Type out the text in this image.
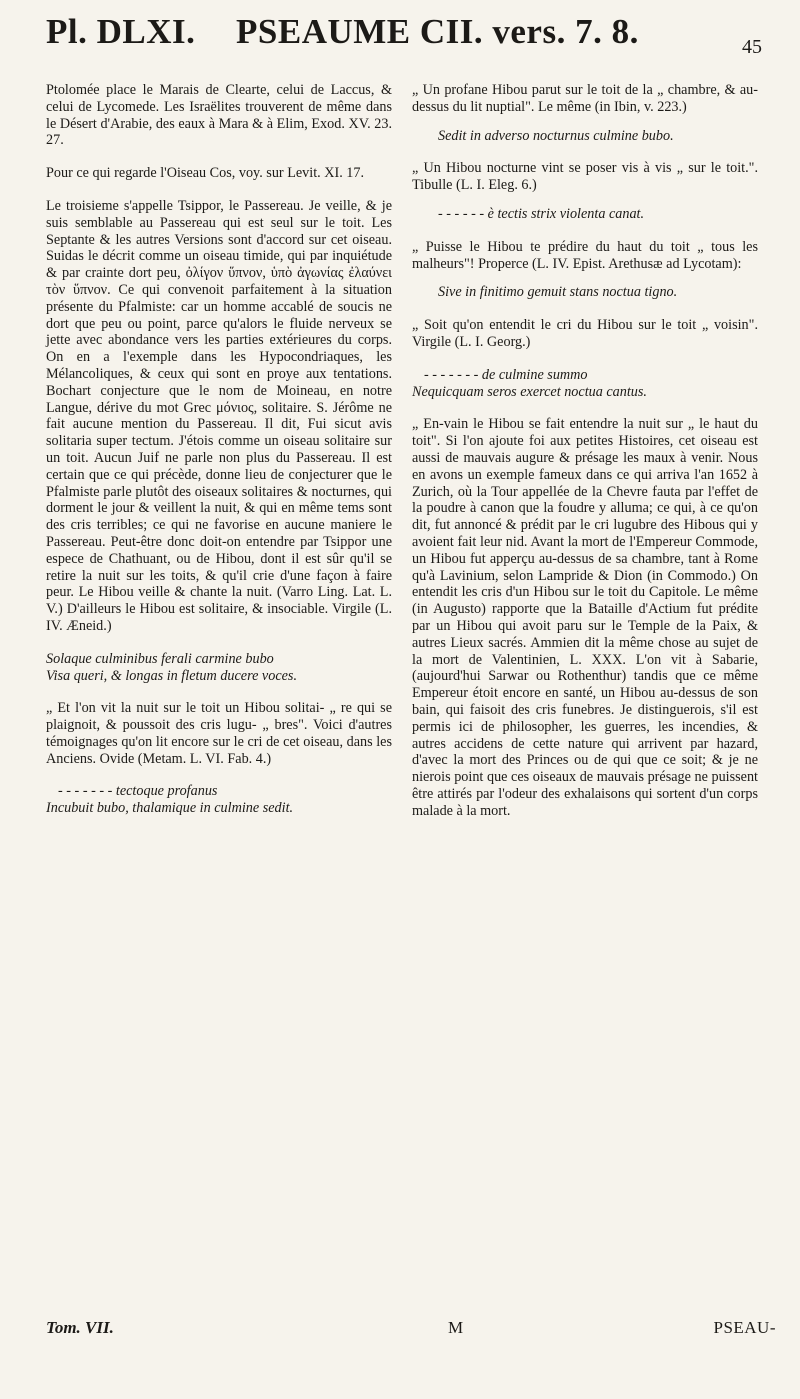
Pl. DLXI. PSEAUME CII. vers. 7. 8.	45

Ptolomée place le Marais de Clearte, celui de Laccus, & celui de Lycomede. Les Israëlites trouverent de même dans le Désert d'Arabie, des eaux à Mara & à Elim, Exod. XV. 23. 27.

Pour ce qui regarde l'Oiseau Cos, voy. sur Levit. XI. 17.

Le troisieme s'appelle Tsippor, le Passereau. Je veille, & je suis semblable au Passereau qui est seul sur le toit. Les Septante & les autres Versions sont d'accord sur cet oiseau. Suidas le décrit comme un oiseau timide, qui par inquiétude & par crainte dort peu, ὀλίγον ὕπνον, ὑπὸ ἀγωνίας ἐλαύνει τὸν ὕπνον. Ce qui convenoit parfaitement à la situation présente du Pfalmiste: car un homme accablé de soucis ne dort que peu ou point, parce qu'alors le fluide nerveux se jette avec abondance vers les parties extérieures du corps. On en a l'exemple dans les Hypocondriaques, les Mélancoliques, & ceux qui sont en proye aux tentations. Bochart conjecture que le nom de Moineau, en notre Langue, dérive du mot Grec μόνιος, solitaire. S. Jérôme ne fait aucune mention du Passereau. Il dit, Fui sicut avis solitaria super tectum. J'étois comme un oiseau solitaire sur un toit. Aucun Juif ne parle non plus du Passereau. Il est certain que ce qui précède, donne lieu de conjecturer que le Pfalmiste parle plutôt des oiseaux solitaires & nocturnes, qui dorment le jour & veillent la nuit, & qui en même tems sont des cris terribles; ce qui ne favorise en aucune maniere le Passereau. Peut-être donc doit-on entendre par Tsippor une espece de Chathuant, ou de Hibou, dont il est sûr qu'il se retire la nuit sur les toits, & qu'il crie d'une façon à faire peur. Le Hibou veille & chante la nuit. (Varro Ling. Lat. L. V.) D'ailleurs le Hibou est solitaire, & insociable. Virgile (L. IV. Æneid.)

Solaque culminibus ferali carmine bubo

Visa queri, & longas in fletum ducere voces.

„ Et l'on vit la nuit sur le toit un Hibou solitai- „ re qui se plaignoit, & poussoit des cris lugu- „ bres". Voici d'autres témoignages qu'on lit encore sur le cri de cet oiseau, dans les Anciens. Ovide (Metam. L. VI. Fab. 4.)

- - - - - - - tectoque profanus

Incubuit bubo, thalamique in culmine sedit.

„ Un profane Hibou parut sur le toit de la „ chambre, & au-dessus du lit nuptial". Le même (in Ibin, v. 223.)

Sedit in adverso nocturnus culmine bubo.

„ Un Hibou nocturne vint se poser vis à vis „ sur le toit.". Tibulle (L. I. Eleg. 6.)

- - - - - - è tectis strix violenta canat.

„ Puisse le Hibou te prédire du haut du toit „ tous les malheurs"! Properce (L. IV. Epist. Arethusæ ad Lycotam):

Sive in finitimo gemuit stans noctua tigno.

„ Soit qu'on entendit le cri du Hibou sur le toit „ voisin". Virgile (L. I. Georg.)

- - - - - - - de culmine summo

Nequicquam seros exercet noctua cantus.

„ En-vain le Hibou se fait entendre la nuit sur „ le haut du toit". Si l'on ajoute foi aux petites Histoires, cet oiseau est aussi de mauvais augure & présage les maux à venir. Nous en avons un exemple fameux dans ce qui arriva l'an 1652 à Zurich, où la Tour appellée de la Chevre fauta par l'effet de la poudre à canon que la foudre y alluma; ce qui, à ce qu'on dit, fut annoncé & prédit par le cri lugubre des Hibous qui y avoient fait leur nid. Avant la mort de l'Empereur Commode, un Hibou fut apperçu au-dessus de sa chambre, tant à Rome qu'à Lavinium, selon Lampride & Dion (in Commodo.) On entendit les cris d'un Hibou sur le toit du Capitole. Le même (in Augusto) rapporte que la Bataille d'Actium fut prédite par un Hibou qui avoit paru sur le Temple de la Paix, & autres Lieux sacrés. Ammien dit la même chose au sujet de la mort de Valentinien, L. XXX. L'on vit à Sabarie, (aujourd'hui Sarwar ou Rothenthur) tandis que ce même Empereur étoit encore en santé, un Hibou au-dessus de son bain, qui faisoit des cris funebres. Je distinguerois, s'il est permis ici de philosopher, les guerres, les incendies, & autres accidens de cette nature qui arrivent par hazard, d'avec la mort des Princes ou de qui que ce soit; & je ne nierois point que ces oiseaux de mauvais présage ne puissent être attirés par l'odeur des exhalaisons qui sortent d'un corps malade à la mort.

Tom. VII.	M	PSEAU-
